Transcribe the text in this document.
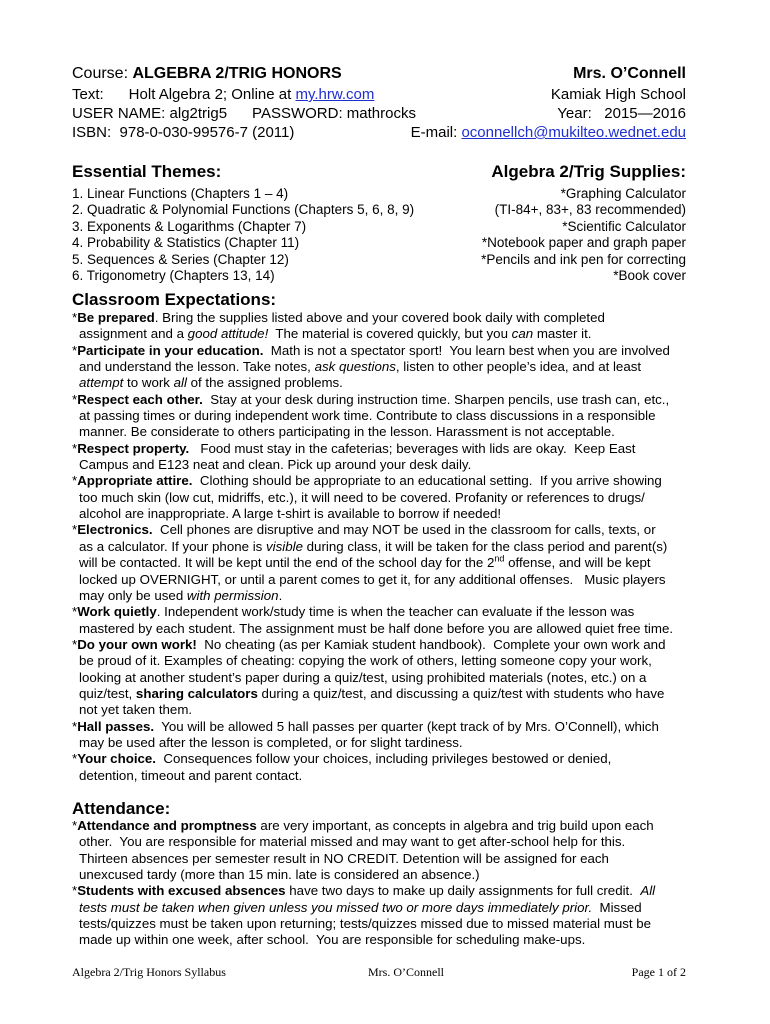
Course: ALGEBRA 2/TRIG HONORS	Mrs. O’Connell
Text:      Holt Algebra 2; Online at my.hrw.com	Kamiak High School
USER NAME: alg2trig5      PASSWORD: mathrocks	Year:   2015—2016
ISBN:  978-0-030-99576-7 (2011)	E-mail: oconnellch@mukilteo.wednet.edu
Essential Themes:	Algebra 2/Trig Supplies:
1. Linear Functions (Chapters 1 – 4)
2. Quadratic & Polynomial Functions (Chapters 5, 6, 8, 9)
3. Exponents & Logarithms (Chapter 7)
4. Probability & Statistics (Chapter 11)
5. Sequences & Series (Chapter 12)
6. Trigonometry (Chapters 13, 14)
*Graphing Calculator
(TI-84+, 83+, 83 recommended)
*Scientific Calculator
*Notebook paper and graph paper
*Pencils and ink pen for correcting
*Book cover
Classroom Expectations:

*Be prepared. Bring the supplies listed above and your covered book daily with completed

assignment and a good attitude!  The material is covered quickly, but you can master it.

*Participate in your education.  Math is not a spectator sport!  You learn best when you are involved

and understand the lesson. Take notes, ask questions, listen to other people’s idea, and at least

attempt to work all of the assigned problems.

*Respect each other.  Stay at your desk during instruction time. Sharpen pencils, use trash can, etc.,

at passing times or during independent work time. Contribute to class discussions in a responsible

manner. Be considerate to others participating in the lesson. Harassment is not acceptable.

*Respect property.   Food must stay in the cafeterias; beverages with lids are okay.  Keep East

Campus and E123 neat and clean. Pick up around your desk daily.

*Appropriate attire.  Clothing should be appropriate to an educational setting.  If you arrive showing

too much skin (low cut, midriffs, etc.), it will need to be covered. Profanity or references to drugs/

alcohol are inappropriate. A large t-shirt is available to borrow if needed!

*Electronics.  Cell phones are disruptive and may NOT be used in the classroom for calls, texts, or

as a calculator. If your phone is visible during class, it will be taken for the class period and parent(s)

will be contacted. It will be kept until the end of the school day for the 2nd offense, and will be kept

locked up OVERNIGHT, or until a parent comes to get it, for any additional offenses.   Music players

may only be used with permission.

*Work quietly. Independent work/study time is when the teacher can evaluate if the lesson was

mastered by each student. The assignment must be half done before you are allowed quiet free time.

*Do your own work!  No cheating (as per Kamiak student handbook).  Complete your own work and

be proud of it. Examples of cheating: copying the work of others, letting someone copy your work,

looking at another student’s paper during a quiz/test, using prohibited materials (notes, etc.) on a

quiz/test, sharing calculators during a quiz/test, and discussing a quiz/test with students who have

not yet taken them.

*Hall passes.  You will be allowed 5 hall passes per quarter (kept track of by Mrs. O’Connell), which

may be used after the lesson is completed, or for slight tardiness.

*Your choice.  Consequences follow your choices, including privileges bestowed or denied,

detention, timeout and parent contact.

Attendance:

*Attendance and promptness are very important, as concepts in algebra and trig build upon each

other.  You are responsible for material missed and may want to get after-school help for this.

Thirteen absences per semester result in NO CREDIT. Detention will be assigned for each

unexcused tardy (more than 15 min. late is considered an absence.)

*Students with excused absences have two days to make up daily assignments for full credit.  All

tests must be taken when given unless you missed two or more days immediately prior.  Missed

tests/quizzes must be taken upon returning; tests/quizzes missed due to missed material must be

made up within one week, after school.  You are responsible for scheduling make-ups.

Algebra 2/Trig Honors Syllabus	Mrs. O’Connell	Page 1 of 2
